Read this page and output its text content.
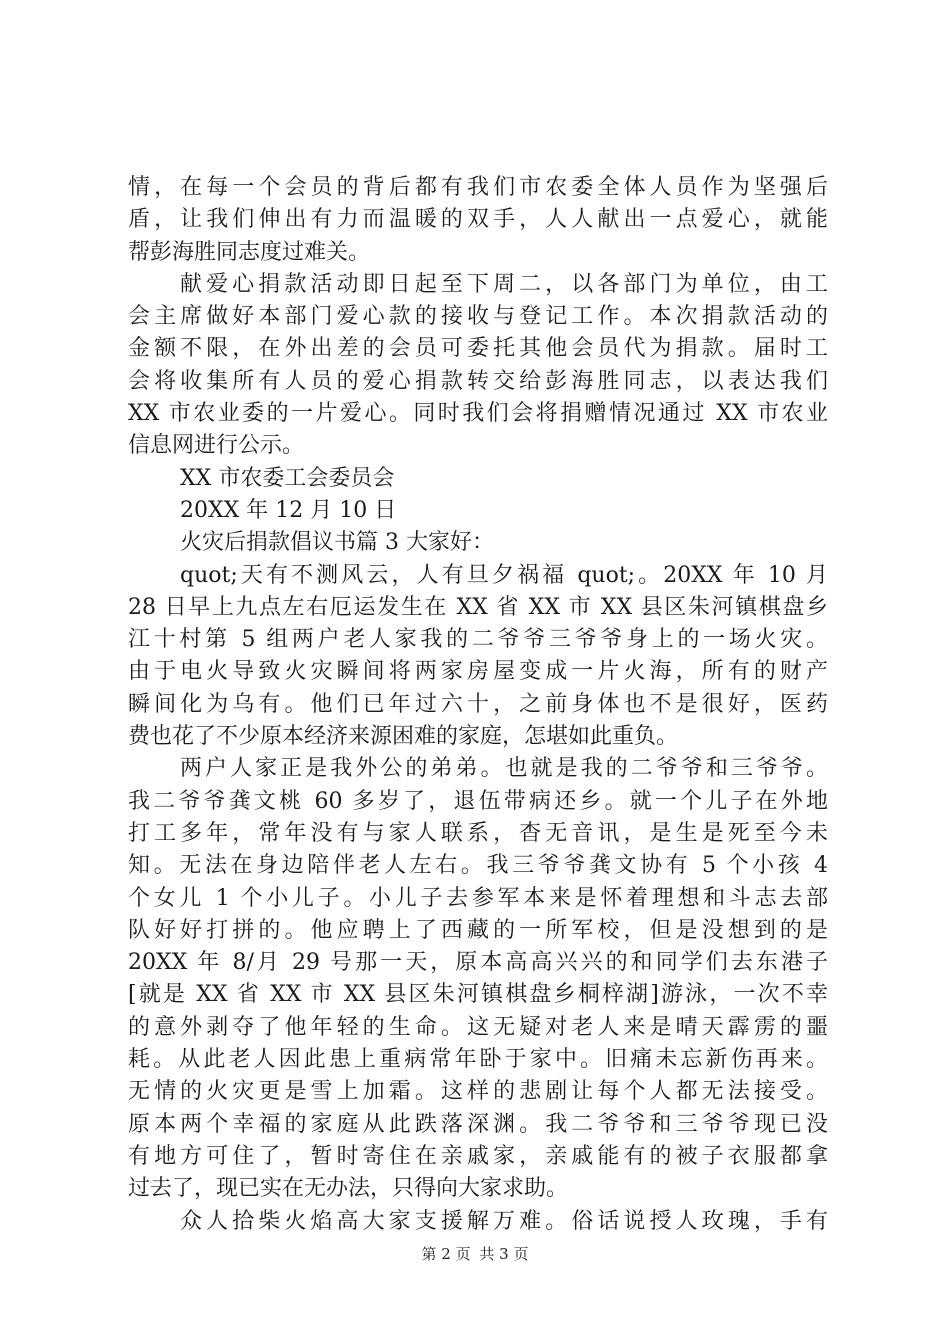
情，在每一个会员的背后都有我们市农委全体人员作为坚强后
盾，让我们伸出有力而温暖的双手，人人献出一点爱心，就能
帮彭海胜同志度过难关。
献爱心捐款活动即日起至下周二，以各部门为单位，由工
会主席做好本部门爱心款的接收与登记工作。本次捐款活动的
金额不限，在外出差的会员可委托其他会员代为捐款。届时工
会将收集所有人员的爱心捐款转交给彭海胜同志，以表达我们
XX 市农业委的一片爱心。同时我们会将捐赠情况通过 XX 市农业
信息网进行公示。
XX 市农委工会委员会
20XX 年 12 月 10 日
火灾后捐款倡议书篇 3 大家好：
quot;天有不测风云，人有旦夕祸福 quot;。20XX 年 10 月
28 日早上九点左右厄运发生在 XX 省 XX 市 XX 县区朱河镇棋盘乡
江十村第 5 组两户老人家我的二爷爷三爷爷身上的一场火灾。
由于电火导致火灾瞬间将两家房屋变成一片火海，所有的财产
瞬间化为乌有。他们已年过六十，之前身体也不是很好，医药
费也花了不少原本经济来源困难的家庭，怎堪如此重负。
两户人家正是我外公的弟弟。也就是我的二爷爷和三爷爷。
我二爷爷龚文桃 60 多岁了，退伍带病还乡。就一个儿子在外地
打工多年，常年没有与家人联系，杳无音讯，是生是死至今未
知。无法在身边陪伴老人左右。我三爷爷龚文协有 5 个小孩 4
个女儿 1 个小儿子。小儿子去参军本来是怀着理想和斗志去部
队好好打拼的。他应聘上了西藏的一所军校，但是没想到的是
20XX 年 8/月 29 号那一天，原本高高兴兴的和同学们去东港子
[就是 XX 省 XX 市 XX 县区朱河镇棋盘乡桐梓湖]游泳，一次不幸
的意外剥夺了他年轻的生命。这无疑对老人来是晴天霹雳的噩
耗。从此老人因此患上重病常年卧于家中。旧痛未忘新伤再来。
无情的火灾更是雪上加霜。这样的悲剧让每个人都无法接受。
原本两个幸福的家庭从此跌落深渊。我二爷爷和三爷爷现已没
有地方可住了，暂时寄住在亲戚家，亲戚能有的被子衣服都拿
过去了，现已实在无办法，只得向大家求助。
众人拾柴火焰高大家支援解万难。俗话说授人玫瑰，手有
第 2 页 共 3 页
